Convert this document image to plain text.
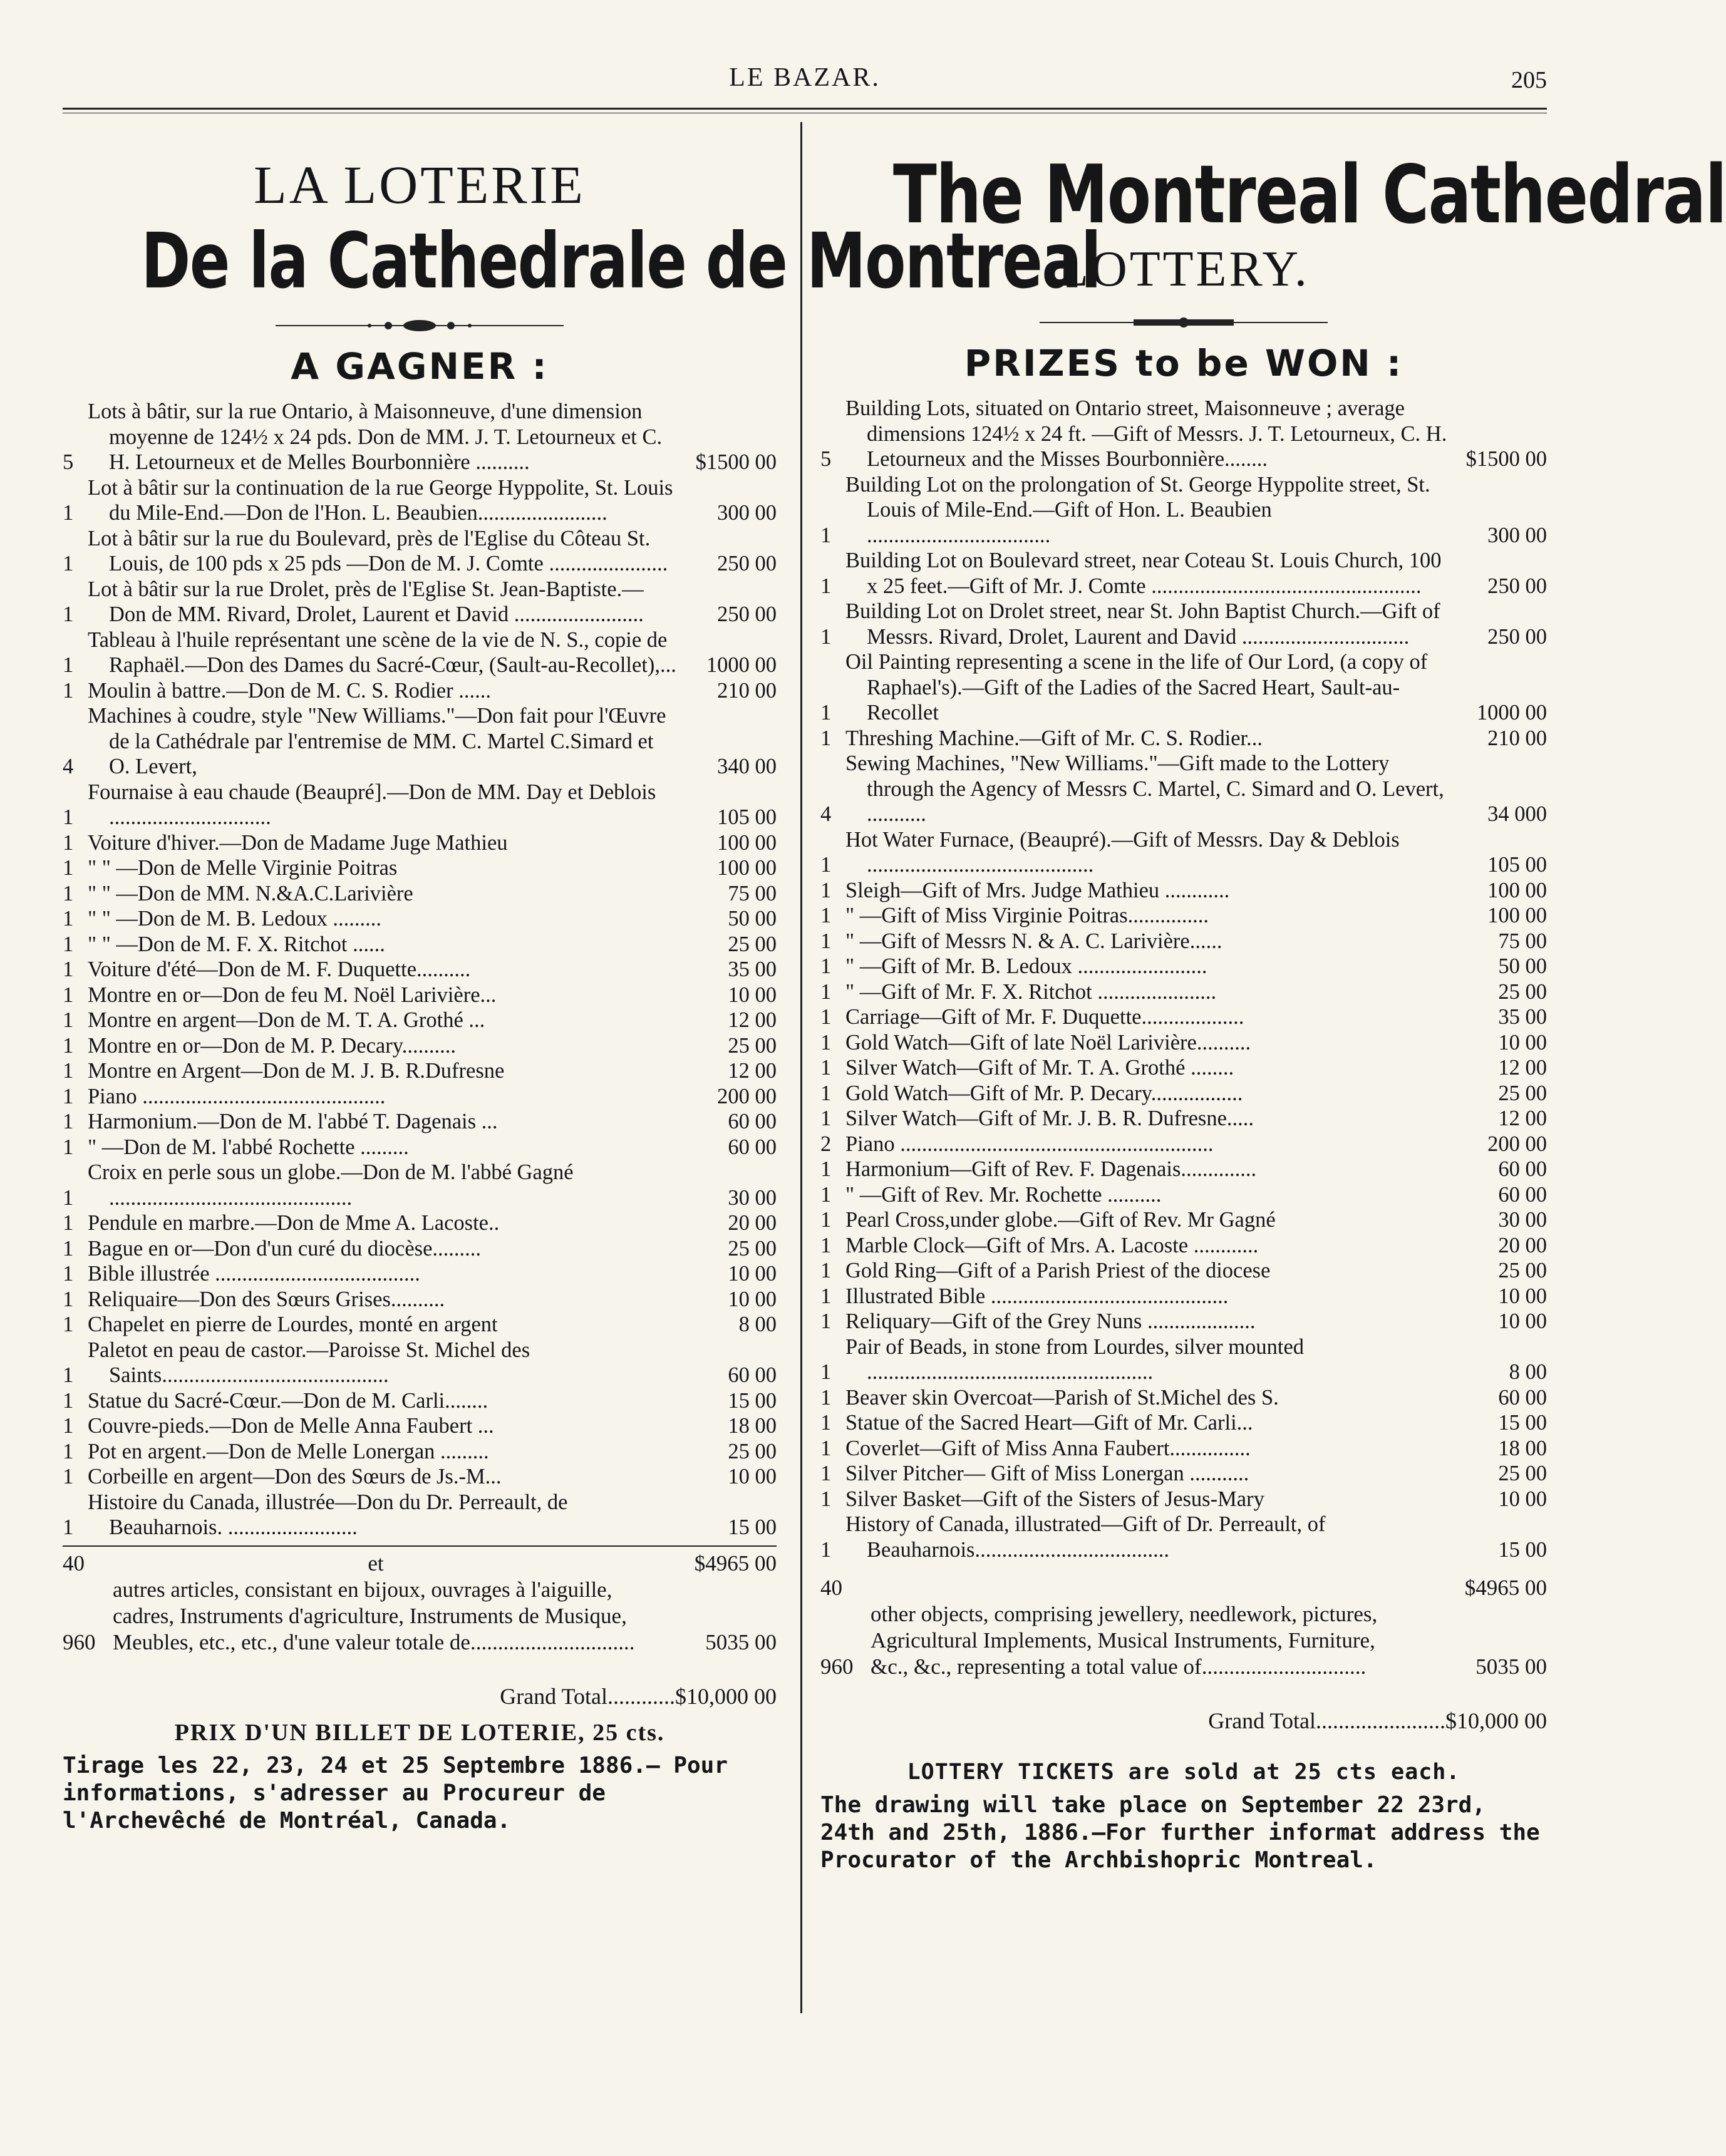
LE BAZAR.	205
LA LOTERIE
De la Cathedrale de Montreal
A GAGNER :
5
Lots à bâtir, sur la rue Ontario, à Maisonneuve, d'une dimension moyenne de 124½ x 24 pds. Don de MM. J. T. Letourneux et C. H. Letourneux et de Melles Bourbonnière ..........	$1500 00
1
Lot à bâtir sur la continuation de la rue George Hyppolite, St. Louis du Mile-End.—Don de l'Hon. L. Beaubien........................	300 00
1
Lot à bâtir sur la rue du Boulevard, près de l'Eglise du Côteau St. Louis, de 100 pds x 25 pds —Don de M. J. Comte ......................	250 00
1
Lot à bâtir sur la rue Drolet, près de l'Eglise St. Jean-Baptiste.—Don de MM. Rivard, Drolet, Laurent et David ........................	250 00
1
Tableau à l'huile représentant une scène de la vie de N. S., copie de Raphaël.—Don des Dames du Sacré-Cœur, (Sault-au-Recollet),...	1000 00
1 Moulin à battre.—Don de M. C. S. Rodier ......	210 00
4
Machines à coudre, style "New Williams."—Don fait pour l'Œuvre de la Cathédrale par l'entremise de MM. C. Martel C.Simard et O. Levert,	340 00
1
Fournaise à eau chaude (Beaupré].—Don de MM. Day et Deblois ..............................	105 00
1 Voiture d'hiver.—Don de Madame Juge Mathieu	100 00
1 " " —Don de Melle Virginie Poitras	100 00
1 " " —Don de MM. N.&A.C.Larivière	75 00
1 " " —Don de M. B. Ledoux .........	50 00
1 " " —Don de M. F. X. Ritchot ......	25 00
1 Voiture d'été—Don de M. F. Duquette..........	35 00
1 Montre en or—Don de feu M. Noël Larivière...	10 00
1 Montre en argent—Don de M. T. A. Grothé ...	12 00
1 Montre en or—Don de M. P. Decary..........	25 00
1 Montre en Argent—Don de M. J. B. R.Dufresne	12 00
1 Piano .............................................	200 00
1 Harmonium.—Don de M. l'abbé T. Dagenais ...	60 00
1 " —Don de M. l'abbé Rochette .........	60 00
1
Croix en perle sous un globe.—Don de M. l'abbé Gagné .............................................	30 00
1 Pendule en marbre.—Don de Mme A. Lacoste..	20 00
1 Bague en or—Don d'un curé du diocèse.........	25 00
1 Bible illustrée ......................................	10 00
1 Reliquaire—Don des Sœurs Grises..........	10 00
1 Chapelet en pierre de Lourdes, monté en argent	8 00
1
Paletot en peau de castor.—Paroisse St. Michel des Saints..........................................	60 00
1 Statue du Sacré-Cœur.—Don de M. Carli........	15 00
1 Couvre-pieds.—Don de Melle Anna Faubert ...	18 00
1 Pot en argent.—Don de Melle Lonergan .........	25 00
1 Corbeille en argent—Don des Sœurs de Js.-M...	10 00
1
Histoire du Canada, illustrée—Don du Dr. Perreault, de Beauharnois. ........................	15 00
40	et	$4965 00
960
autres articles, consistant en bijoux, ouvrages à l'aiguille, cadres, Instruments d'agriculture, Instruments de Musique, Meubles, etc., etc., d'une valeur totale de..............................	5035 00
Grand Total............$10,000 00
PRIX D'UN BILLET DE LOTERIE, 25 cts.
Tirage les 22, 23, 24 et 25 Septembre 1886.— Pour informations, s'adresser au Procureur de l'Archevêché de Montréal, Canada.
The Montreal Cathedral
LOTTERY.
PRIZES to be WON :
5
Building Lots, situated on Ontario street, Maisonneuve ; average dimensions 124½ x 24 ft. —Gift of Messrs. J. T. Letourneux, C. H. Letourneux and the Misses Bourbonnière........	$1500 00
1
Building Lot on the prolongation of St. George Hyppolite street, St. Louis of Mile-End.—Gift of Hon. L. Beaubien ..................................	300 00
1
Building Lot on Boulevard street, near Coteau St. Louis Church, 100 x 25 feet.—Gift of Mr. J. Comte ..................................................	250 00
1
Building Lot on Drolet street, near St. John Baptist Church.—Gift of Messrs. Rivard, Drolet, Laurent and David ...............................	250 00
1
Oil Painting representing a scene in the life of Our Lord, (a copy of Raphael's).—Gift of the Ladies of the Sacred Heart, Sault-au-Recollet	1000 00
1 Threshing Machine.—Gift of Mr. C. S. Rodier...	210 00
4
Sewing Machines, "New Williams."—Gift made to the Lottery through the Agency of Messrs C. Martel, C. Simard and O. Levert, ...........	34 000
1
Hot Water Furnace, (Beaupré).—Gift of Messrs. Day & Deblois ..........................................	105 00
1 Sleigh—Gift of Mrs. Judge Mathieu ............	100 00
1 " —Gift of Miss Virginie Poitras...............	100 00
1 " —Gift of Messrs N. & A. C. Larivière......	75 00
1 " —Gift of Mr. B. Ledoux ........................	50 00
1 " —Gift of Mr. F. X. Ritchot ......................	25 00
1 Carriage—Gift of Mr. F. Duquette...................	35 00
1 Gold Watch—Gift of late Noël Larivière..........	10 00
1 Silver Watch—Gift of Mr. T. A. Grothé ........	12 00
1 Gold Watch—Gift of Mr. P. Decary.................	25 00
1 Silver Watch—Gift of Mr. J. B. R. Dufresne.....	12 00
2 Piano ..........................................................	200 00
1 Harmonium—Gift of Rev. F. Dagenais..............	60 00
1 " —Gift of Rev. Mr. Rochette ..........	60 00
1 Pearl Cross,under globe.—Gift of Rev. Mr Gagné	30 00
1 Marble Clock—Gift of Mrs. A. Lacoste ............	20 00
1 Gold Ring—Gift of a Parish Priest of the diocese	25 00
1 Illustrated Bible ............................................	10 00
1 Reliquary—Gift of the Grey Nuns ....................	10 00
1
Pair of Beads, in stone from Lourdes, silver mounted .....................................................	8 00
1 Beaver skin Overcoat—Parish of St.Michel des S.	60 00
1 Statue of the Sacred Heart—Gift of Mr. Carli...	15 00
1 Coverlet—Gift of Miss Anna Faubert...............	18 00
1 Silver Pitcher— Gift of Miss Lonergan ...........	25 00
1 Silver Basket—Gift of the Sisters of Jesus-Mary	10 00
1
History of Canada, illustrated—Gift of Dr. Perreault, of Beauharnois....................................	15 00
40	$4965 00
960
other objects, comprising jewellery, needlework, pictures, Agricultural Implements, Musical Instruments, Furniture, &c., &c., representing a total value of..............................	5035 00
Grand Total.......................$10,000 00
LOTTERY TICKETS are sold at 25 cts each.
The drawing will take place on September 22 23rd, 24th and 25th, 1886.—For further informat address the Procurator of the Archbishopric Montreal.
